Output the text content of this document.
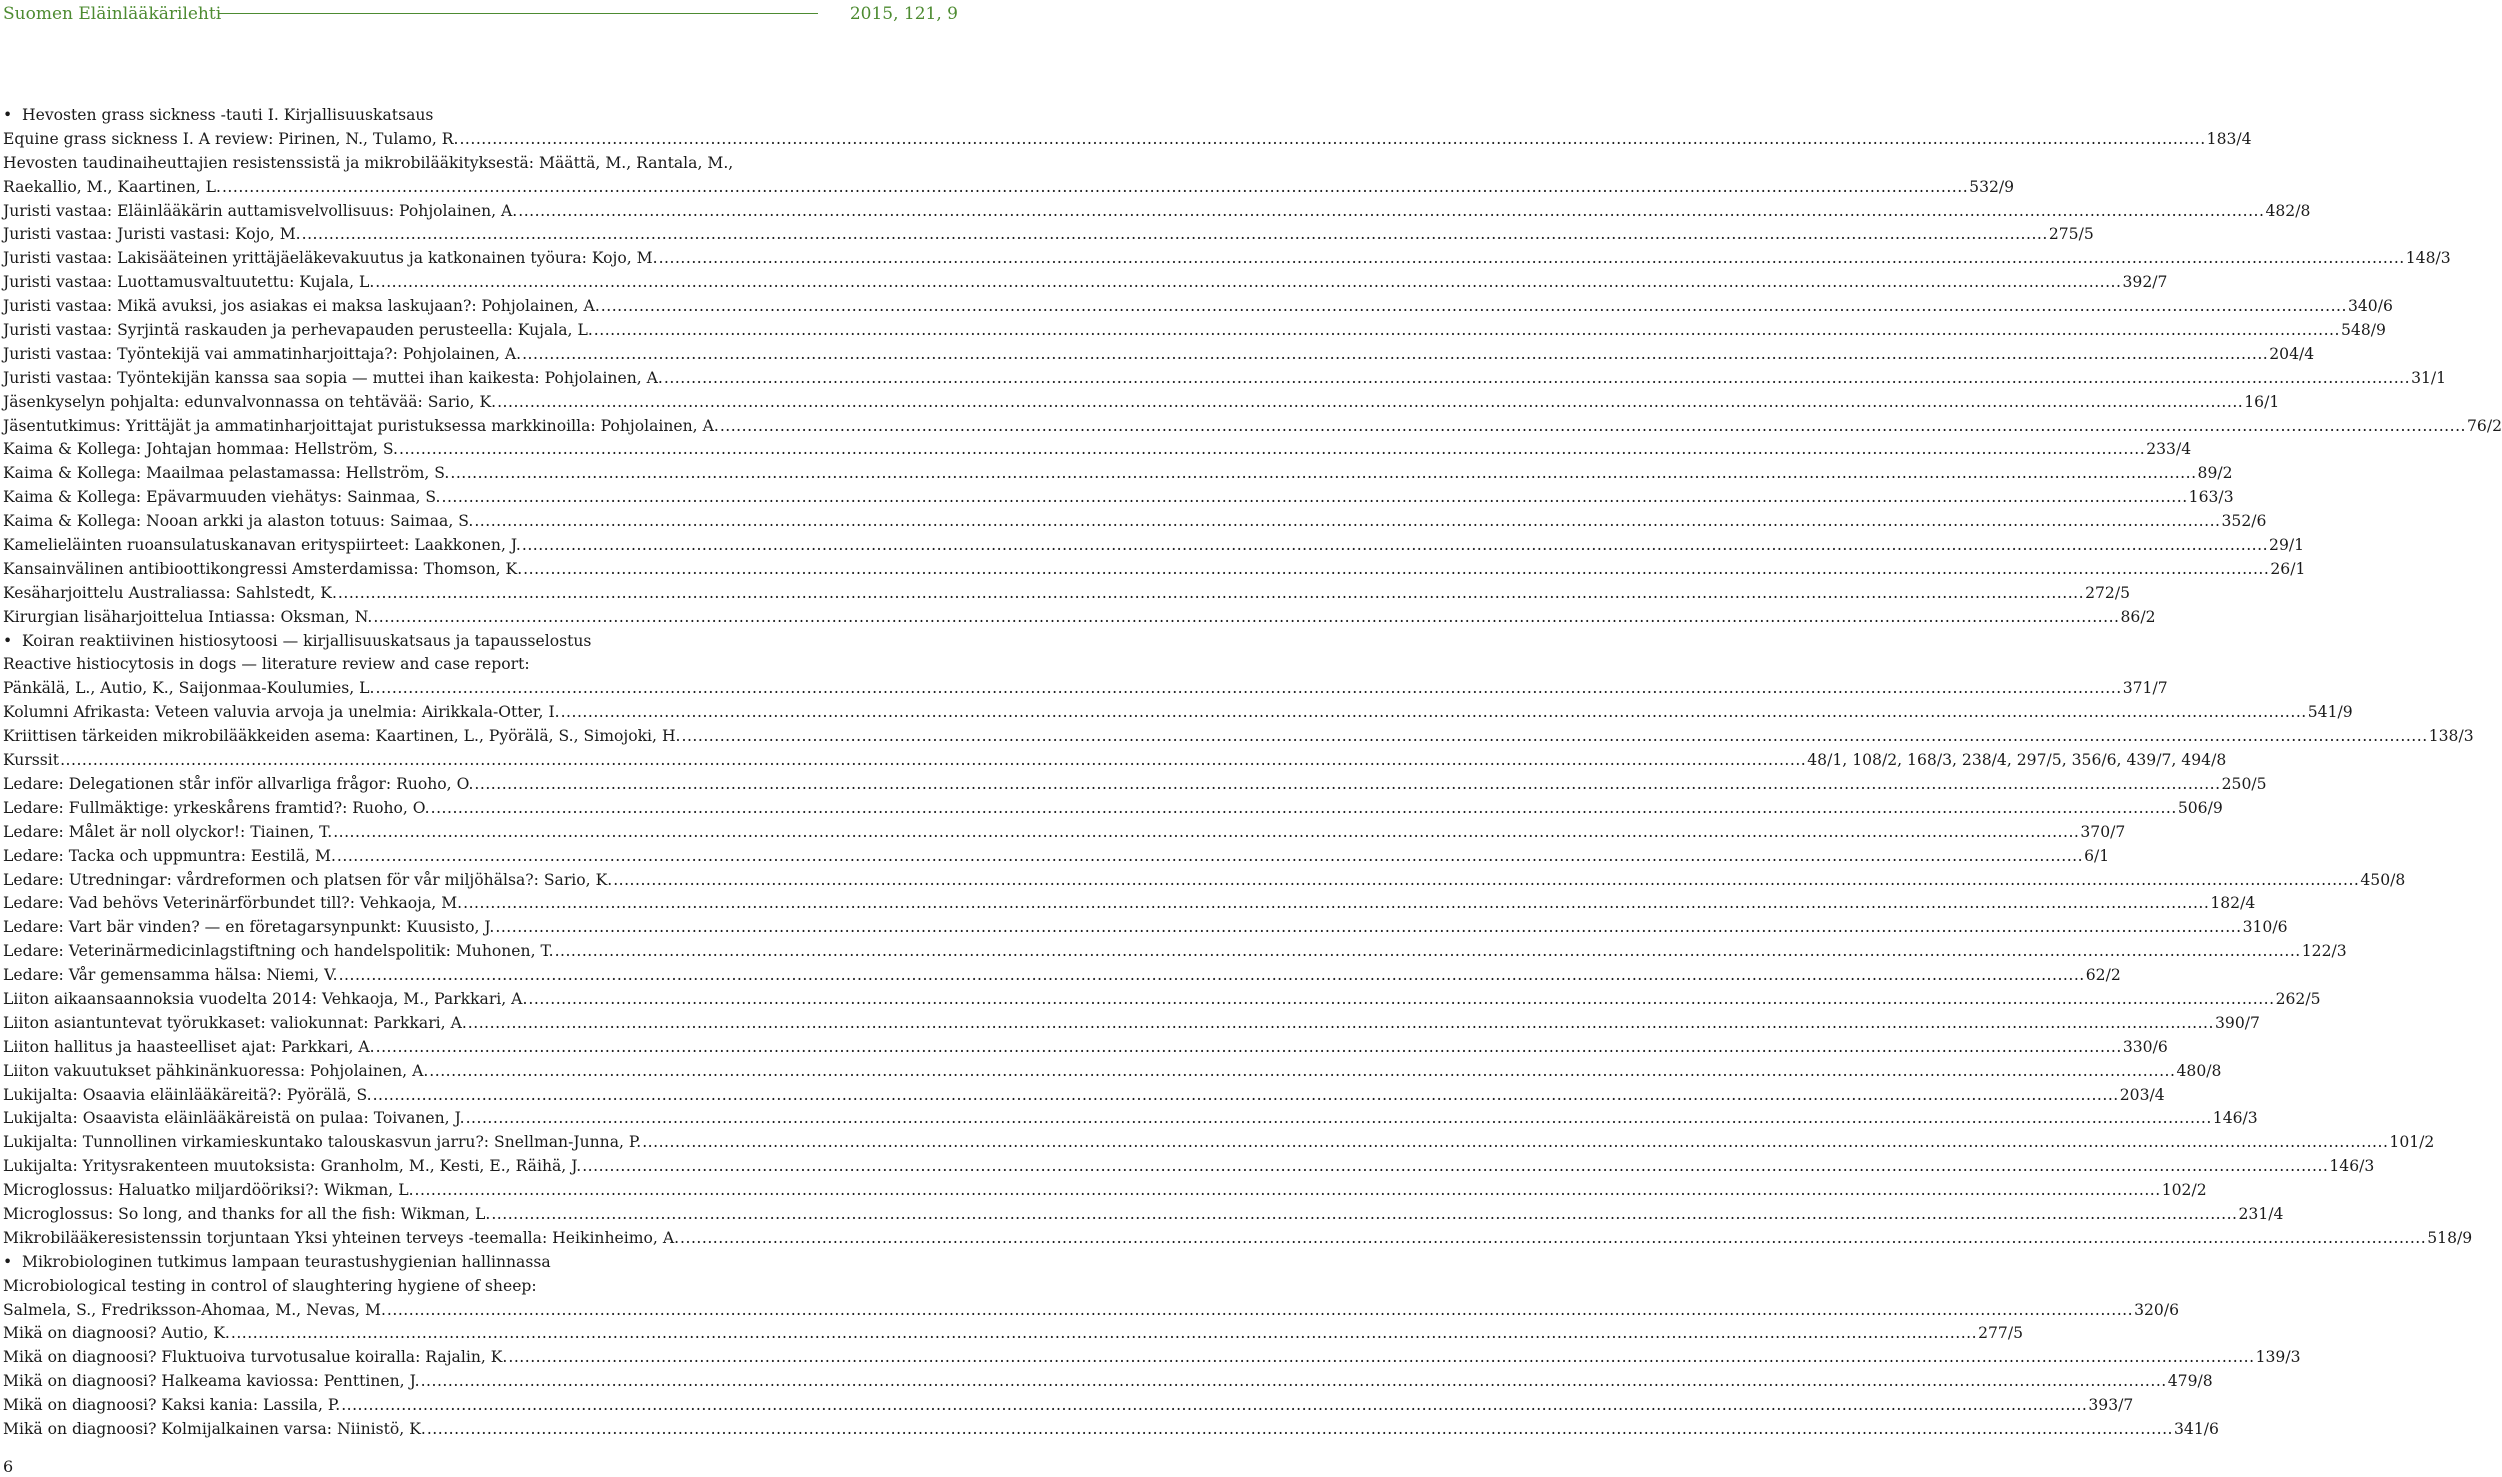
Suomen Eläinlääkärilehti	2015, 121, 9
• Hevosten grass sickness -tauti I. Kirjallisuuskatsaus
Equine grass sickness I. A review: Pirinen, N., Tulamo, R. .....	183/4
Hevosten taudinaiheuttajien resistenssistä ja mikrobilääkityksestä: Määttä, M., Rantala, M.,
Raekallio, M., Kaartinen, L. .....	532/9
Juristi vastaa: Eläinlääkärin auttamisvelvollisuus: Pohjolainen, A. .....	482/8
Juristi vastaa: Juristi vastasi: Kojo, M. .....	275/5
Juristi vastaa: Lakisääteinen yrittäjäeläkevakuutus ja katkonainen työura: Kojo, M. .....	148/3
Juristi vastaa: Luottamusvaltuutettu: Kujala, L. .....	392/7
Juristi vastaa: Mikä avuksi, jos asiakas ei maksa laskujaan?: Pohjolainen, A. .....	340/6
Juristi vastaa: Syrjintä raskauden ja perhevapauden perusteella: Kujala, L. .....	548/9
Juristi vastaa: Työntekijä vai ammatinharjoittaja?: Pohjolainen, A. .....	204/4
Juristi vastaa: Työntekijän kanssa saa sopia — muttei ihan kaikesta: Pohjolainen, A. .....	31/1
Jäsenkyselyn pohjalta: edunvalvonnassa on tehtävää: Sario, K. .....	16/1
Jäsentutkimus: Yrittäjät ja ammatinharjoittajat puristuksessa markkinoilla: Pohjolainen, A. .....	76/2
Kaima & Kollega: Johtajan hommaa: Hellström, S. .....	233/4
Kaima & Kollega: Maailmaa pelastamassa: Hellström, S. .....	89/2
Kaima & Kollega: Epävarmuuden viehätys: Sainmaa, S. .....	163/3
Kaima & Kollega: Nooan arkki ja alaston totuus: Saimaa, S. .....	352/6
Kamelieläinten ruoansulatuskanavan erityspiirteet: Laakkonen, J. .....	29/1
Kansainvälinen antibioottikongressi Amsterdamissa: Thomson, K. .....	26/1
Kesäharjoittelu Australiassa: Sahlstedt, K. .....	272/5
Kirurgian lisäharjoittelua Intiassa: Oksman, N. .....	86/2
• Koiran reaktiivinen histiosytoosi — kirjallisuuskatsaus ja tapausselostus
Reactive histiocytosis in dogs — literature review and case report:
Pänkälä, L., Autio, K., Saijonmaa-Koulumies, L. .....	371/7
Kolumni Afrikasta: Veteen valuvia arvoja ja unelmia: Airikkala-Otter, I. .....	541/9
Kriittisen tärkeiden mikrobilääkkeiden asema: Kaartinen, L., Pyörälä, S., Simojoki, H. .....	138/3
Kurssit .....	48/1, 108/2, 168/3, 238/4, 297/5, 356/6, 439/7, 494/8
Ledare: Delegationen står inför allvarliga frågor: Ruoho, O. .....	250/5
Ledare: Fullmäktige: yrkeskårens framtid?: Ruoho, O. .....	506/9
Ledare: Målet är noll olyckor!: Tiainen, T. .....	370/7
Ledare: Tacka och uppmuntra: Eestilä, M. .....	6/1
Ledare: Utredningar: vårdreformen och platsen för vår miljöhälsa?: Sario, K. .....	450/8
Ledare: Vad behövs Veterinärförbundet till?: Vehkaoja, M. .....	182/4
Ledare: Vart bär vinden? — en företagarsynpunkt: Kuusisto, J. .....	310/6
Ledare: Veterinärmedicinlagstiftning och handelspolitik: Muhonen, T. .....	122/3
Ledare: Vår gemensamma hälsa: Niemi, V. .....	62/2
Liiton aikaansaannoksia vuodelta 2014: Vehkaoja, M., Parkkari, A. .....	262/5
Liiton asiantuntevat työrukkaset: valiokunnat: Parkkari, A. .....	390/7
Liiton hallitus ja haasteelliset ajat: Parkkari, A. .....	330/6
Liiton vakuutukset pähkinänkuoressa: Pohjolainen, A. .....	480/8
Lukijalta: Osaavia eläinlääkäreitä?: Pyörälä, S. .....	203/4
Lukijalta: Osaavista eläinlääkäreistä on pulaa: Toivanen, J. .....	146/3
Lukijalta: Tunnollinen virkamieskuntako talouskasvun jarru?: Snellman-Junna, P. .....	101/2
Lukijalta: Yritysrakenteen muutoksista: Granholm, M., Kesti, E., Räihä, J. .....	146/3
Microglossus: Haluatko miljardööriksi?: Wikman, L. .....	102/2
Microglossus: So long, and thanks for all the fish: Wikman, L. .....	231/4
Mikrobilääkeresistenssin torjuntaan Yksi yhteinen terveys -teemalla: Heikinheimo, A. .....	518/9
• Mikrobiologinen tutkimus lampaan teurastushygienian hallinnassa
Microbiological testing in control of slaughtering hygiene of sheep:
Salmela, S., Fredriksson-Ahomaa, M., Nevas, M. .....	320/6
Mikä on diagnoosi? Autio, K. .....	277/5
Mikä on diagnoosi? Fluktuoiva turvotusalue koiralla: Rajalin, K. .....	139/3
Mikä on diagnoosi? Halkeama kaviossa: Penttinen, J. .....	479/8
Mikä on diagnoosi? Kaksi kania: Lassila, P. .....	393/7
Mikä on diagnoosi? Kolmijalkainen varsa: Niinistö, K. .....	341/6
6
